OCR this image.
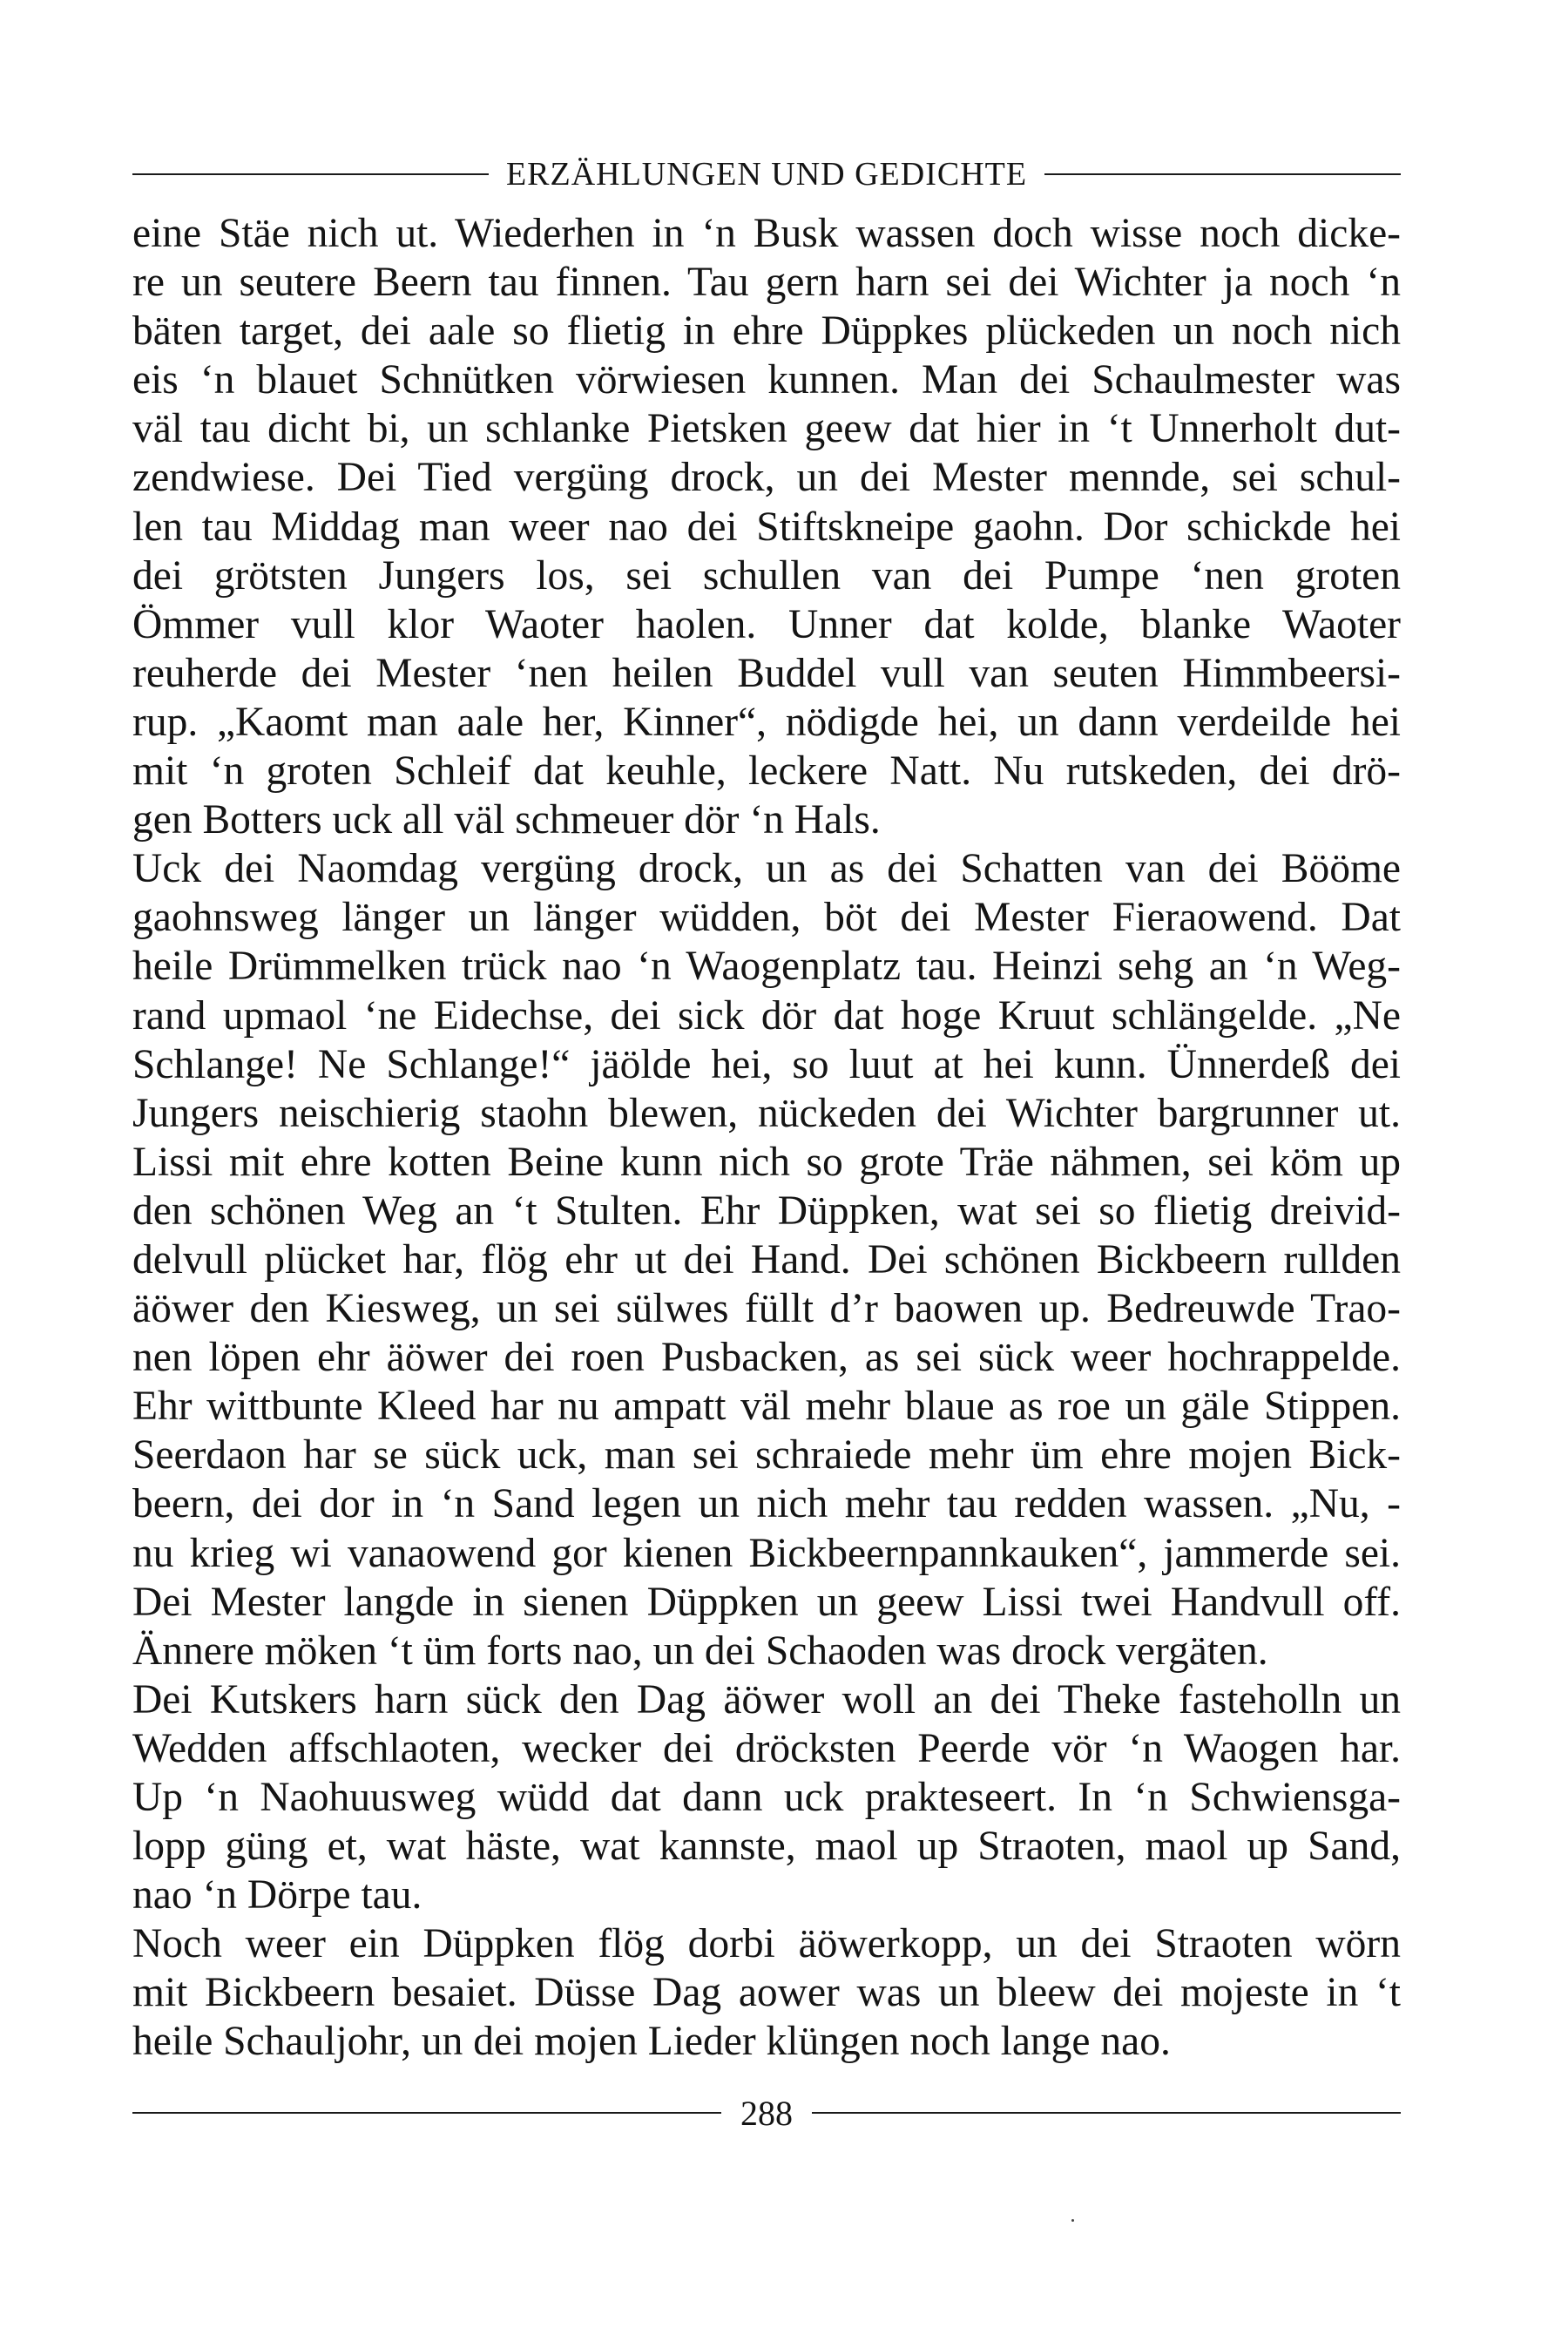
ERZÄHLUNGEN UND GEDICHTE
eine Stäe nich ut. Wiederhen in ‘n Busk wassen doch wisse noch dicke-
re un seutere Beern tau finnen. Tau gern harn sei dei Wichter ja noch ‘n
bäten target, dei aale so flietig in ehre Düppkes plückeden un noch nich
eis ‘n blauet Schnütken vörwiesen kunnen. Man dei Schaulmester was
väl tau dicht bi, un schlanke Pietsken geew dat hier in ‘t Unnerholt dut-
zendwiese. Dei Tied vergüng drock, un dei Mester mennde, sei schul-
len tau Middag man weer nao dei Stiftskneipe gaohn. Dor schickde hei
dei grötsten Jungers los, sei schullen van dei Pumpe ‘nen groten
Ömmer vull klor Waoter haolen. Unner dat kolde, blanke Waoter
reuherde dei Mester ‘nen heilen Buddel vull van seuten Himmbeersi-
rup. „Kaomt man aale her, Kinner“, nödigde hei, un dann verdeilde hei
mit ‘n groten Schleif dat keuhle, leckere Natt. Nu rutskeden, dei drö-
gen Botters uck all väl schmeuer dör ‘n Hals.
Uck dei Naomdag vergüng drock, un as dei Schatten van dei Bööme
gaohnsweg länger un länger wüdden, böt dei Mester Fieraowend. Dat
heile Drümmelken trück nao ‘n Waogenplatz tau. Heinzi sehg an ‘n Weg-
rand upmaol ‘ne Eidechse, dei sick dör dat hoge Kruut schlängelde. „Ne
Schlange! Ne Schlange!“ jäölde hei, so luut at hei kunn. Ünnerdeß dei
Jungers neischierig staohn blewen, nückeden dei Wichter bargrunner ut.
Lissi mit ehre kotten Beine kunn nich so grote Träe nähmen, sei köm up
den schönen Weg an ‘t Stulten. Ehr Düppken, wat sei so flietig dreivid-
delvull plücket har, flög ehr ut dei Hand. Dei schönen Bickbeern rullden
äöwer den Kiesweg, un sei sülwes füllt d’r baowen up. Bedreuwde Trao-
nen löpen ehr äöwer dei roen Pusbacken, as sei sück weer hochrappelde.
Ehr wittbunte Kleed har nu ampatt väl mehr blaue as roe un gäle Stippen.
Seerdaon har se sück uck, man sei schraiede mehr üm ehre mojen Bick-
beern, dei dor in ‘n Sand legen un nich mehr tau redden wassen. „Nu, -
nu krieg wi vanaowend gor kienen Bickbeernpannkauken“, jammerde sei.
Dei Mester langde in sienen Düppken un geew Lissi twei Handvull off.
Ännere möken ‘t üm forts nao, un dei Schaoden was drock vergäten.
Dei Kutskers harn sück den Dag äöwer woll an dei Theke fasteholln un
Wedden affschlaoten, wecker dei dröcksten Peerde vör ‘n Waogen har.
Up ‘n Naohuusweg wüdd dat dann uck prakteseert. In ‘n Schwiensga-
lopp güng et, wat häste, wat kannste, maol up Straoten, maol up Sand,
nao ‘n Dörpe tau.
Noch weer ein Düppken flög dorbi äöwerkopp, un dei Straoten wörn
mit Bickbeern besaiet. Düsse Dag aower was un bleew dei mojeste in ‘t
heile Schauljohr, un dei mojen Lieder klüngen noch lange nao.
288
